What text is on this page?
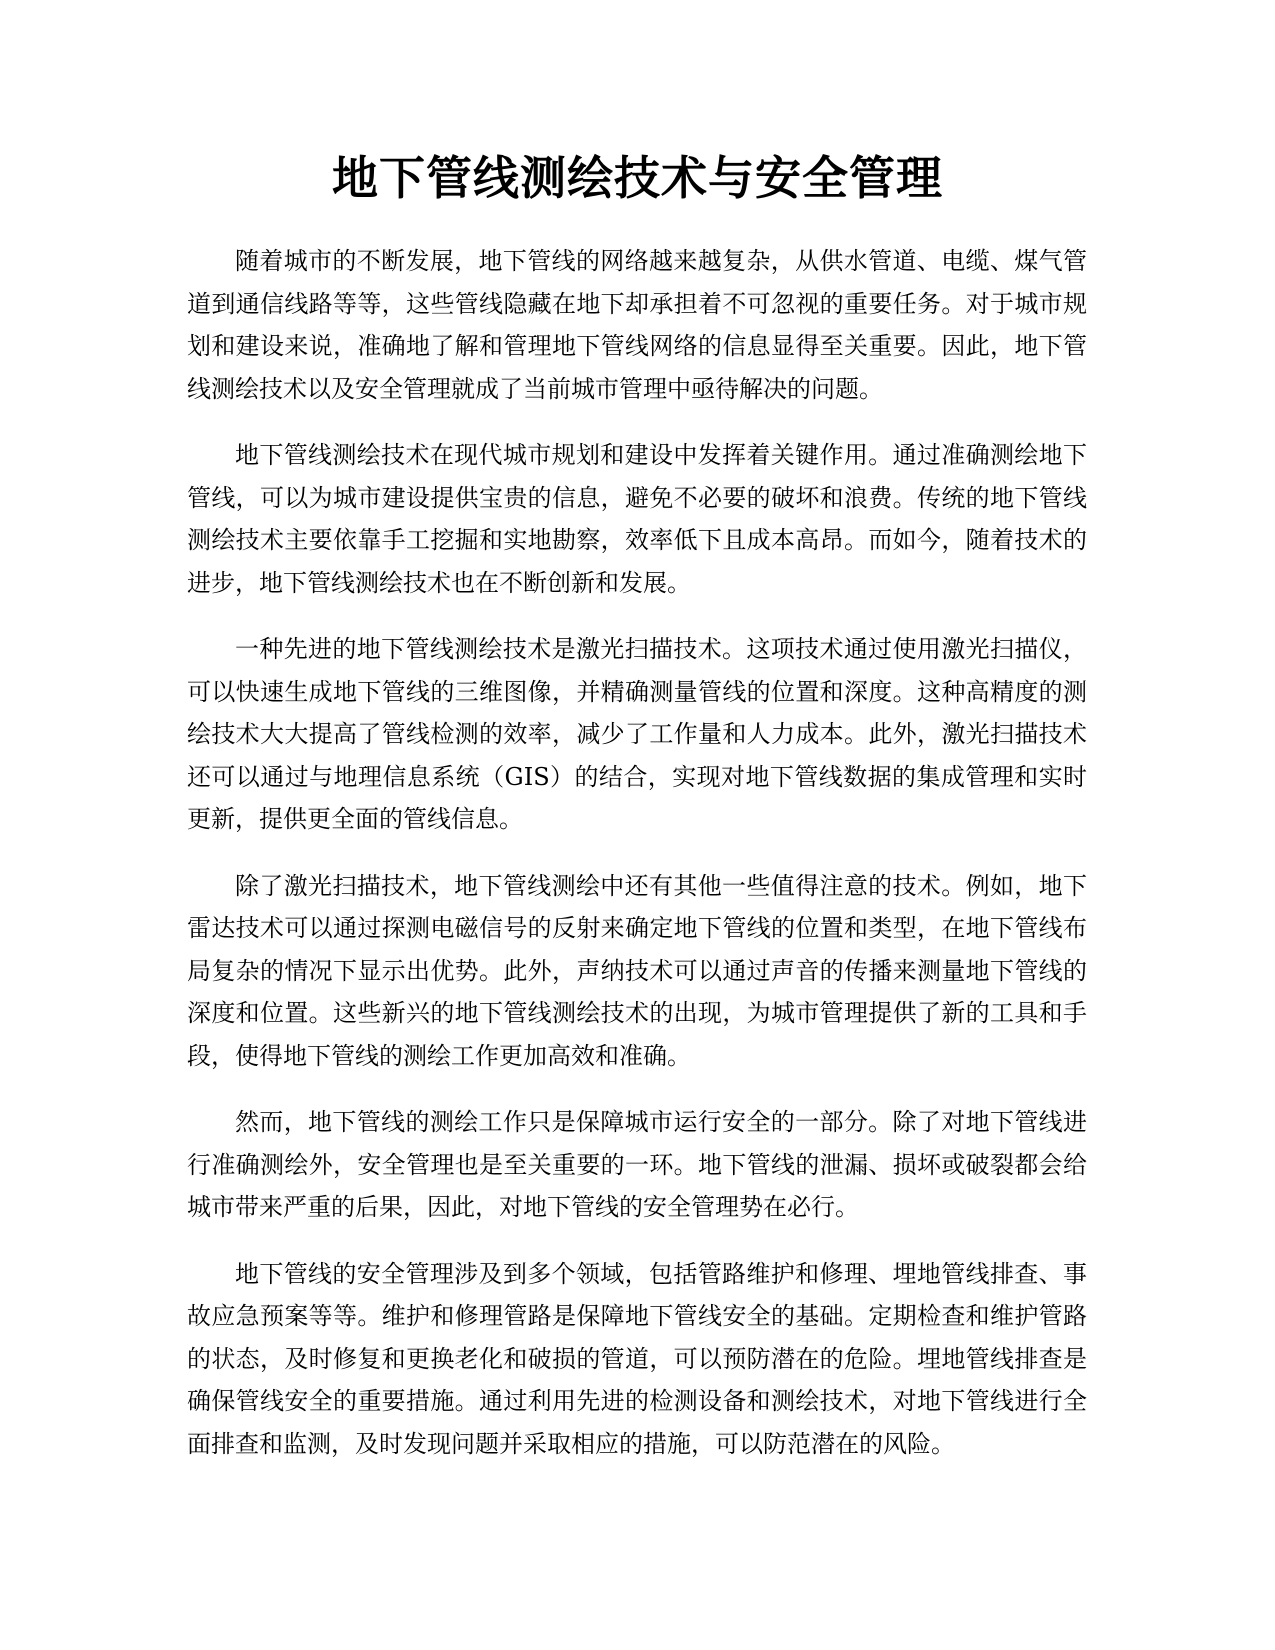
地下管线测绘技术与安全管理

随着城市的不断发展，地下管线的网络越来越复杂，从供水管道、电缆、煤气管道到通信线路等等，这些管线隐藏在地下却承担着不可忽视的重要任务。对于城市规划和建设来说，准确地了解和管理地下管线网络的信息显得至关重要。因此，地下管线测绘技术以及安全管理就成了当前城市管理中亟待解决的问题。

地下管线测绘技术在现代城市规划和建设中发挥着关键作用。通过准确测绘地下管线，可以为城市建设提供宝贵的信息，避免不必要的破坏和浪费。传统的地下管线测绘技术主要依靠手工挖掘和实地勘察，效率低下且成本高昂。而如今，随着技术的进步，地下管线测绘技术也在不断创新和发展。

一种先进的地下管线测绘技术是激光扫描技术。这项技术通过使用激光扫描仪，可以快速生成地下管线的三维图像，并精确测量管线的位置和深度。这种高精度的测绘技术大大提高了管线检测的效率，减少了工作量和人力成本。此外，激光扫描技术还可以通过与地理信息系统（GIS）的结合，实现对地下管线数据的集成管理和实时更新，提供更全面的管线信息。

除了激光扫描技术，地下管线测绘中还有其他一些值得注意的技术。例如，地下雷达技术可以通过探测电磁信号的反射来确定地下管线的位置和类型，在地下管线布局复杂的情况下显示出优势。此外，声纳技术可以通过声音的传播来测量地下管线的深度和位置。这些新兴的地下管线测绘技术的出现，为城市管理提供了新的工具和手段，使得地下管线的测绘工作更加高效和准确。

然而，地下管线的测绘工作只是保障城市运行安全的一部分。除了对地下管线进行准确测绘外，安全管理也是至关重要的一环。地下管线的泄漏、损坏或破裂都会给城市带来严重的后果，因此，对地下管线的安全管理势在必行。

地下管线的安全管理涉及到多个领域，包括管路维护和修理、埋地管线排查、事故应急预案等等。维护和修理管路是保障地下管线安全的基础。定期检查和维护管路的状态，及时修复和更换老化和破损的管道，可以预防潜在的危险。埋地管线排查是确保管线安全的重要措施。通过利用先进的检测设备和测绘技术，对地下管线进行全面排查和监测，及时发现问题并采取相应的措施，可以防范潜在的风险。
